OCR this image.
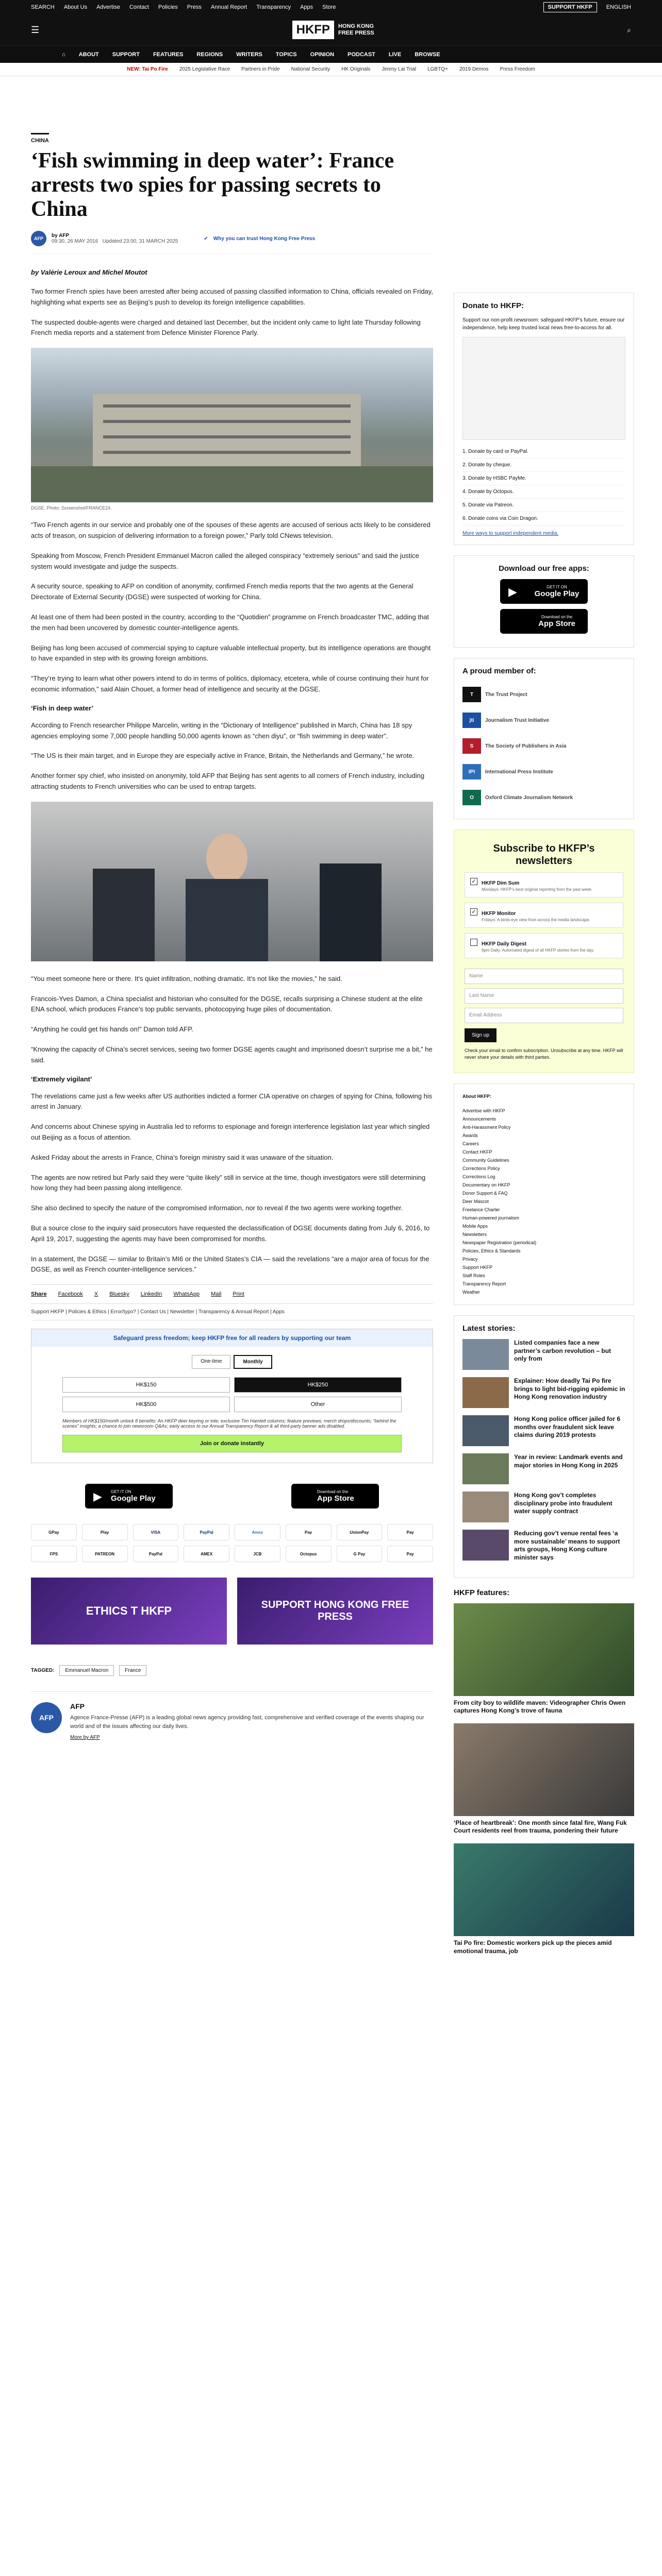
SEARCH About Us Advertise Contact Policies Press Annual Report Transparency Apps Store	SUPPORT HKFP	ENGLISH
☰	HKFP	HONG KONG
FREE PRESS	⌕
⌂ ABOUT SUPPORT FEATURES REGIONS WRITERS TOPICS OPINION PODCAST LIVE BROWSE
NEW: Tai Po Fire 2025 Legislative Race Partners in Pride National Security HK Originals Jimmy Lai Trial LGBTQ+ 2019 Demos Press Freedom
CHINA
‘Fish swimming in deep water’: France arrests two spies for passing secrets to China
AFP	by AFP
09:30, 26 MAY 2016 Updated 23:00, 31 MARCH 2025	✔ Why you can trust Hong Kong Free Press
by Valérie Leroux and Michel Moutot

Two former French spies have been arrested after being accused of passing classified information to China, officials revealed on Friday, highlighting what experts see as Beijing’s push to develop its foreign intelligence capabilities.

The suspected double-agents were charged and detained last December, but the incident only came to light late Thursday following French media reports and a statement from Defence Minister Florence Parly.

DGSE. Photo: Screenshot/FRANCE24.

“Two French agents in our service and probably one of the spouses of these agents are accused of serious acts likely to be considered acts of treason, on suspicion of delivering information to a foreign power,” Parly told CNews television.

Speaking from Moscow, French President Emmanuel Macron called the alleged conspiracy “extremely serious” and said the justice system would investigate and judge the suspects.

A security source, speaking to AFP on condition of anonymity, confirmed French media reports that the two agents at the General Directorate of External Security (DGSE) were suspected of working for China.

At least one of them had been posted in the country, according to the “Quotidien” programme on French broadcaster TMC, adding that the men had been uncovered by domestic counter-intelligence agents.

Beijing has long been accused of commercial spying to capture valuable intellectual property, but its intelligence operations are thought to have expanded in step with its growing foreign ambitions.

“They’re trying to learn what other powers intend to do in terms of politics, diplomacy, etcetera, while of course continuing their hunt for economic information,” said Alain Chouet, a former head of intelligence and security at the DGSE.

‘Fish in deep water’

According to French researcher Philippe Marcelin, writing in the “Dictionary of Intelligence” published in March, China has 18 spy agencies employing some 7,000 people handling 50,000 agents known as “chen diyu”, or “fish swimming in deep water”.

“The US is their main target, and in Europe they are especially active in France, Britain, the Netherlands and Germany,” he wrote.

Another former spy chief, who insisted on anonymity, told AFP that Beijing has sent agents to all corners of French industry, including attracting students to French universities who can be used to entrap targets.

“You meet someone here or there. It’s quiet infiltration, nothing dramatic. It’s not like the movies,” he said.

Francois-Yves Damon, a China specialist and historian who consulted for the DGSE, recalls surprising a Chinese student at the elite ENA school, which produces France’s top public servants, photocopying huge piles of documentation.

“Anything he could get his hands on!” Damon told AFP.

“Knowing the capacity of China’s secret services, seeing two former DGSE agents caught and imprisoned doesn’t surprise me a bit,” he said.

‘Extremely vigilant’

The revelations came just a few weeks after US authorities indicted a former CIA operative on charges of spying for China, following his arrest in January.

And concerns about Chinese spying in Australia led to reforms to espionage and foreign interference legislation last year which singled out Beijing as a focus of attention.

Asked Friday about the arrests in France, China’s foreign ministry said it was unaware of the situation.

The agents are now retired but Parly said they were “quite likely” still in service at the time, though investigators were still determining how long they had been passing along intelligence.

She also declined to specify the nature of the compromised information, nor to reveal if the two agents were working together.

But a source close to the inquiry said prosecutors have requested the declassification of DGSE documents dating from July 6, 2016, to April 19, 2017, suggesting the agents may have been compromised for months.

In a statement, the DGSE — similar to Britain’s MI6 or the United States’s CIA — said the revelations “are a major area of focus for the DGSE, as well as French counter-intelligence services.”

Share Facebook X Bluesky LinkedIn WhatsApp Mail Print
Support HKFP | Policies & Ethics | Error/typo? | Contact Us | Newsletter | Transparency & Annual Report | Apps
Safeguard press freedom; keep HKFP free for all readers by supporting our team
One-time	Monthly
HK$150	HK$250
HK$500	Other
Members of HK$150/month unlock 8 benefits: An HKFP deer keyring or tote; exclusive Tim Hamlett columns; feature previews; merch drops/discounts; “behind the scenes” insights; a chance to join newsroom Q&As; early access to our Annual Transparency Report & all third-party banner ads disabled.
Join or donate instantly
▶ GET IT ON
Google Play
Download on the
App Store
GPay	Play	VISA	PayPal	Amex	Pay	UnionPay	Pay
FPS	PATREON	PayPal	AMEX	JCB	Octopus	G Pay	Pay
ETHICS T HKFP	SUPPORT HONG KONG FREE PRESS
TAGGED:	Emmanuel Macron	France
AFP
AFP
Agence France-Presse (AFP) is a leading global news agency providing fast, comprehensive and verified coverage of the events shaping our world and of the issues affecting our daily lives.
More by AFP
Donate to HKFP:
Support our non-profit newsroom: safeguard HKFP’s future, ensure our independence, help keep trusted local news free-to-access for all.
1. Donate by card or PayPal.
2. Donate by cheque.
3. Donate by HSBC PayMe.
4. Donate by Octopus.
5. Donate via Patreon.
6. Donate coins via Coin Dragon.
More ways to support independent media.
Download our free apps:
▶	GET IT ON
Google Play
Download on the
App Store
A proud member of:
T	The Trust Project
jti	Journalism Trust Initiative
S	The Society of Publishers in Asia
IPI	International Press Institute
O	Oxford Climate Journalism Network
Subscribe to HKFP’s newsletters
✓ HKFP Dim Sum
Mondays: HKFP’s best original reporting from the past week.
✓ HKFP Monitor
Fridays: A birds-eye view from across the media landscape.
HKFP Daily Digest
9pm Daily: Automated digest of all HKFP stories from the day.
Name
Last Name
Email Address
Sign up
Check your email to confirm subscription. Unsubscribe at any time. HKFP will never share your details with third parties.
About HKFP:
Advertise with HKFP
Announcements
Anti-Harassment Policy
Awards
Careers
Contact HKFP
Community Guidelines
Corrections Policy
Corrections Log
Documentary on HKFP
Donor Support & FAQ
Deer Mascot
Freelance Charter
Human-powered journalism
Mobile Apps
Newsletters
Newspaper Registration (periodical)
Policies, Ethics & Standards
Privacy
Support HKFP
Staff Roles
Transparency Report
Weather
Latest stories:
Listed companies face a new partner’s carbon revolution – but only from
Explainer: How deadly Tai Po fire brings to light bid-rigging epidemic in Hong Kong renovation industry
Hong Kong police officer jailed for 6 months over fraudulent sick leave claims during 2019 protests
Year in review: Landmark events and major stories in Hong Kong in 2025
Hong Kong gov’t completes disciplinary probe into fraudulent water supply contract
Reducing gov’t venue rental fees ‘a more sustainable’ means to support arts groups, Hong Kong culture minister says
HKFP features:
From city boy to wildlife maven: Videographer Chris Owen captures Hong Kong’s trove of fauna
‘Place of heartbreak’: One month since fatal fire, Wang Fuk Court residents reel from trauma, pondering their future
Tai Po fire: Domestic workers pick up the pieces amid emotional trauma, job
